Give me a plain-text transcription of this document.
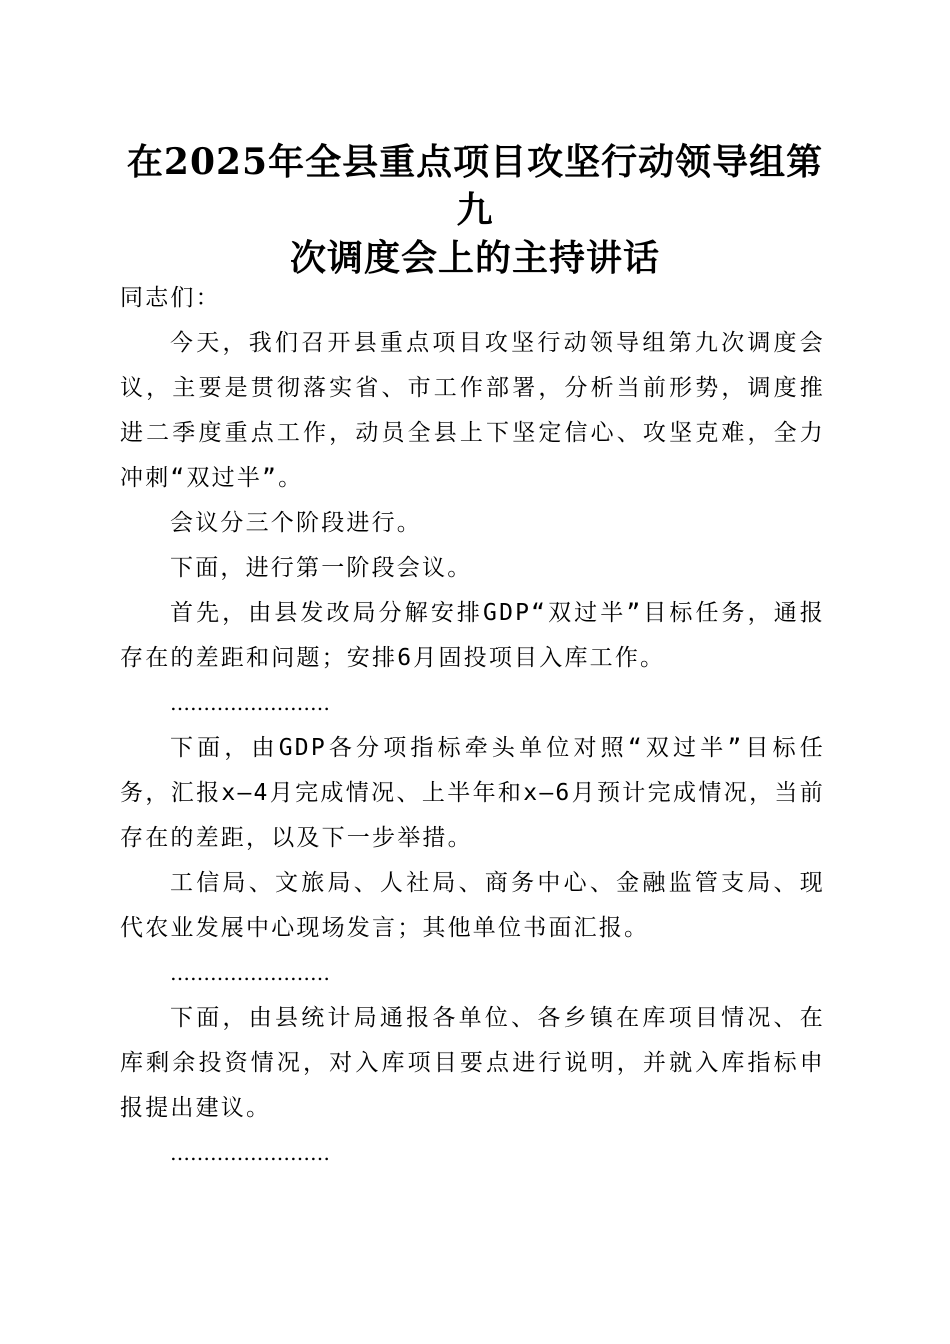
在2025年全县重点项目攻坚行动领导组第九
次调度会上的主持讲话

同志们：

今天，我们召开县重点项目攻坚行动领导组第九次调度会议，主要是贯彻落实省、市工作部署，分析当前形势，调度推进二季度重点工作，动员全县上下坚定信心、攻坚克难，全力冲刺“双过半”。

会议分三个阶段进行。

下面，进行第一阶段会议。

首先，由县发改局分解安排GDP“双过半”目标任务，通报存在的差距和问题；安排6月固投项目入库工作。

……………………

下面，由GDP各分项指标牵头单位对照“双过半”目标任务，汇报x—4月完成情况、上半年和x—6月预计完成情况，当前存在的差距，以及下一步举措。

工信局、文旅局、人社局、商务中心、金融监管支局、现代农业发展中心现场发言；其他单位书面汇报。

……………………

下面，由县统计局通报各单位、各乡镇在库项目情况、在库剩余投资情况，对入库项目要点进行说明，并就入库指标申报提出建议。

……………………
